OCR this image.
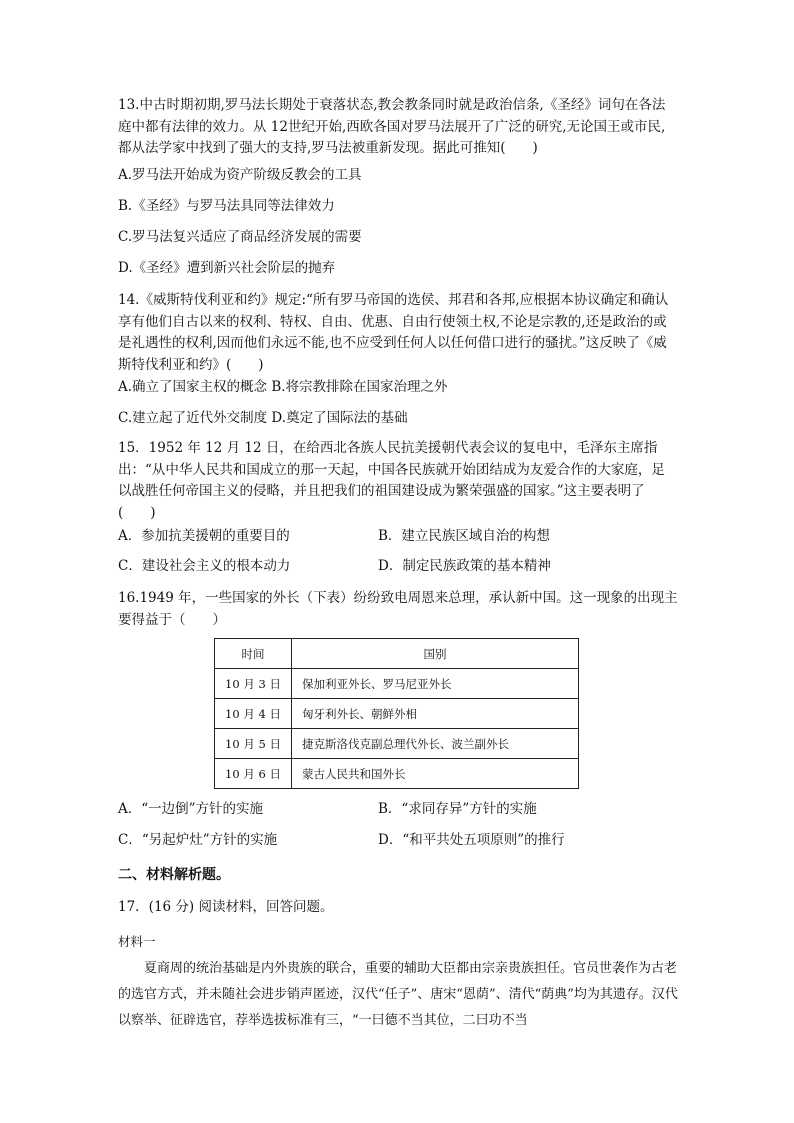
13.中古时期初期,罗马法长期处于衰落状态,教会教条同时就是政治信条,《圣经》词句在各法庭中都有法律的效力。从 12世纪开始,西欧各国对罗马法展开了广泛的研究,无论国王或市民,都从法学家中找到了强大的支持,罗马法被重新发现。据此可推知(　　)

A.罗马法开始成为资产阶级反教会的工具

B.《圣经》与罗马法具同等法律效力

C.罗马法复兴适应了商品经济发展的需要

D.《圣经》遭到新兴社会阶层的抛弃

14.《威斯特伐利亚和约》规定:“所有罗马帝国的选侯、邦君和各邦,应根据本协议确定和确认享有他们自古以来的权利、特权、自由、优惠、自由行使领土权,不论是宗教的,还是政治的或是礼遇性的权利,因而他们永远不能,也不应受到任何人以任何借口进行的骚扰。”这反映了《威斯特伐利亚和约》(　　)

A.确立了国家主权的概念 B.将宗教排除在国家治理之外

C.建立起了近代外交制度 D.奠定了国际法的基础

15．1952 年 12 月 12 日，在给西北各族人民抗美援朝代表会议的复电中，毛泽东主席指出：“从中华人民共和国成立的那一天起，中国各民族就开始团结成为友爱合作的大家庭，足以战胜任何帝国主义的侵略，并且把我们的祖国建设成为繁荣强盛的国家。”这主要表明了(　　)

A．参加抗美援朝的重要目的	B．建立民族区域自治的构想

C．建设社会主义的根本动力	D．制定民族政策的基本精神

16.1949 年，一些国家的外长（下表）纷纷致电周恩来总理，承认新中国。这一现象的出现主要得益于（　　）

时间	国别
10 月 3 日	保加利亚外长、罗马尼亚外长
10 月 4 日	匈牙利外长、朝鲜外相
10 月 5 日	捷克斯洛伐克副总理代外长、波兰副外长
10 月 6 日	蒙古人民共和国外长

A．“一边倒”方针的实施	B．“求同存异”方针的实施

C．“另起炉灶”方针的实施	D．“和平共处五项原则”的推行

二、材料解析题。

17．(16 分) 阅读材料，回答问题。

材料一

夏商周的统治基础是内外贵族的联合，重要的辅助大臣都由宗亲贵族担任。官员世袭作为古老的选官方式，并未随社会进步销声匿迹，汉代“任子”、唐宋“恩荫”、清代“荫典”均为其遗存。汉代以察举、征辟选官，荐举选拔标准有三，“一曰德不当其位，二曰功不当
